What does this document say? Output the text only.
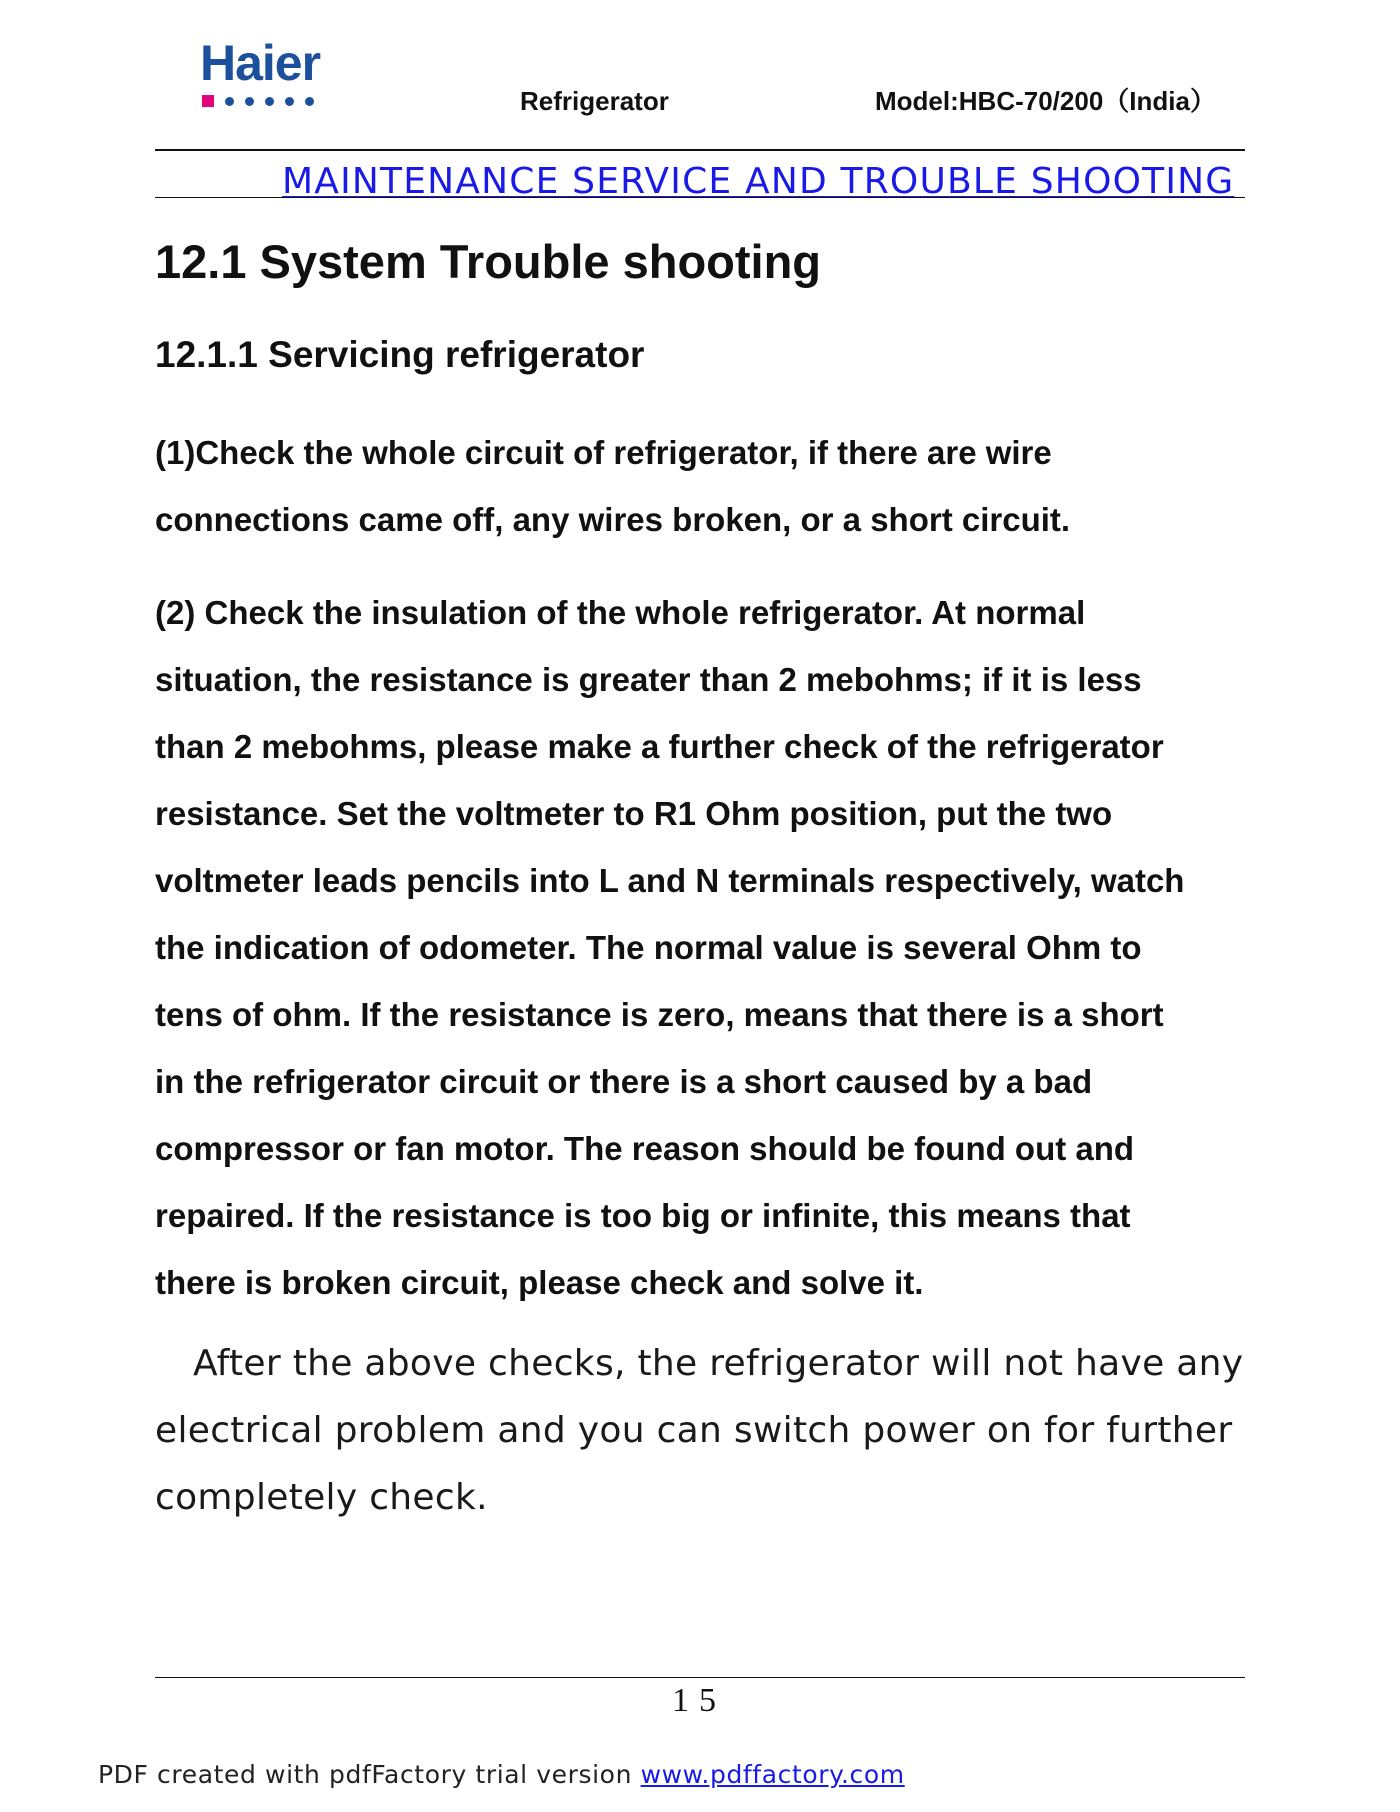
Haier
Refrigerator	Model:HBC-70/200（India）
MAINTENANCE SERVICE AND TROUBLE SHOOTING
12.1 System Trouble shooting
12.1.1 Servicing refrigerator
(1)Check the whole circuit of refrigerator, if there are wire
connections came off, any wires broken, or a short circuit.
(2) Check the insulation of the whole refrigerator. At normal
situation, the resistance is greater than 2 mebohms; if it is less
than 2 mebohms, please make a further check of the refrigerator
resistance. Set the voltmeter to R1 Ohm position, put the two
voltmeter leads pencils into L and N terminals respectively, watch
the indication of odometer. The normal value is several Ohm to
tens of ohm. If the resistance is zero, means that there is a short
in the refrigerator circuit or there is a short caused by a bad
compressor or fan motor. The reason should be found out and
repaired. If the resistance is too big or infinite, this means that
there is broken circuit, please check and solve it.
After the above checks, the refrigerator will not have any
electrical problem and you can switch power on for further
completely check.
15
PDF created with pdfFactory trial version www.pdffactory.com
